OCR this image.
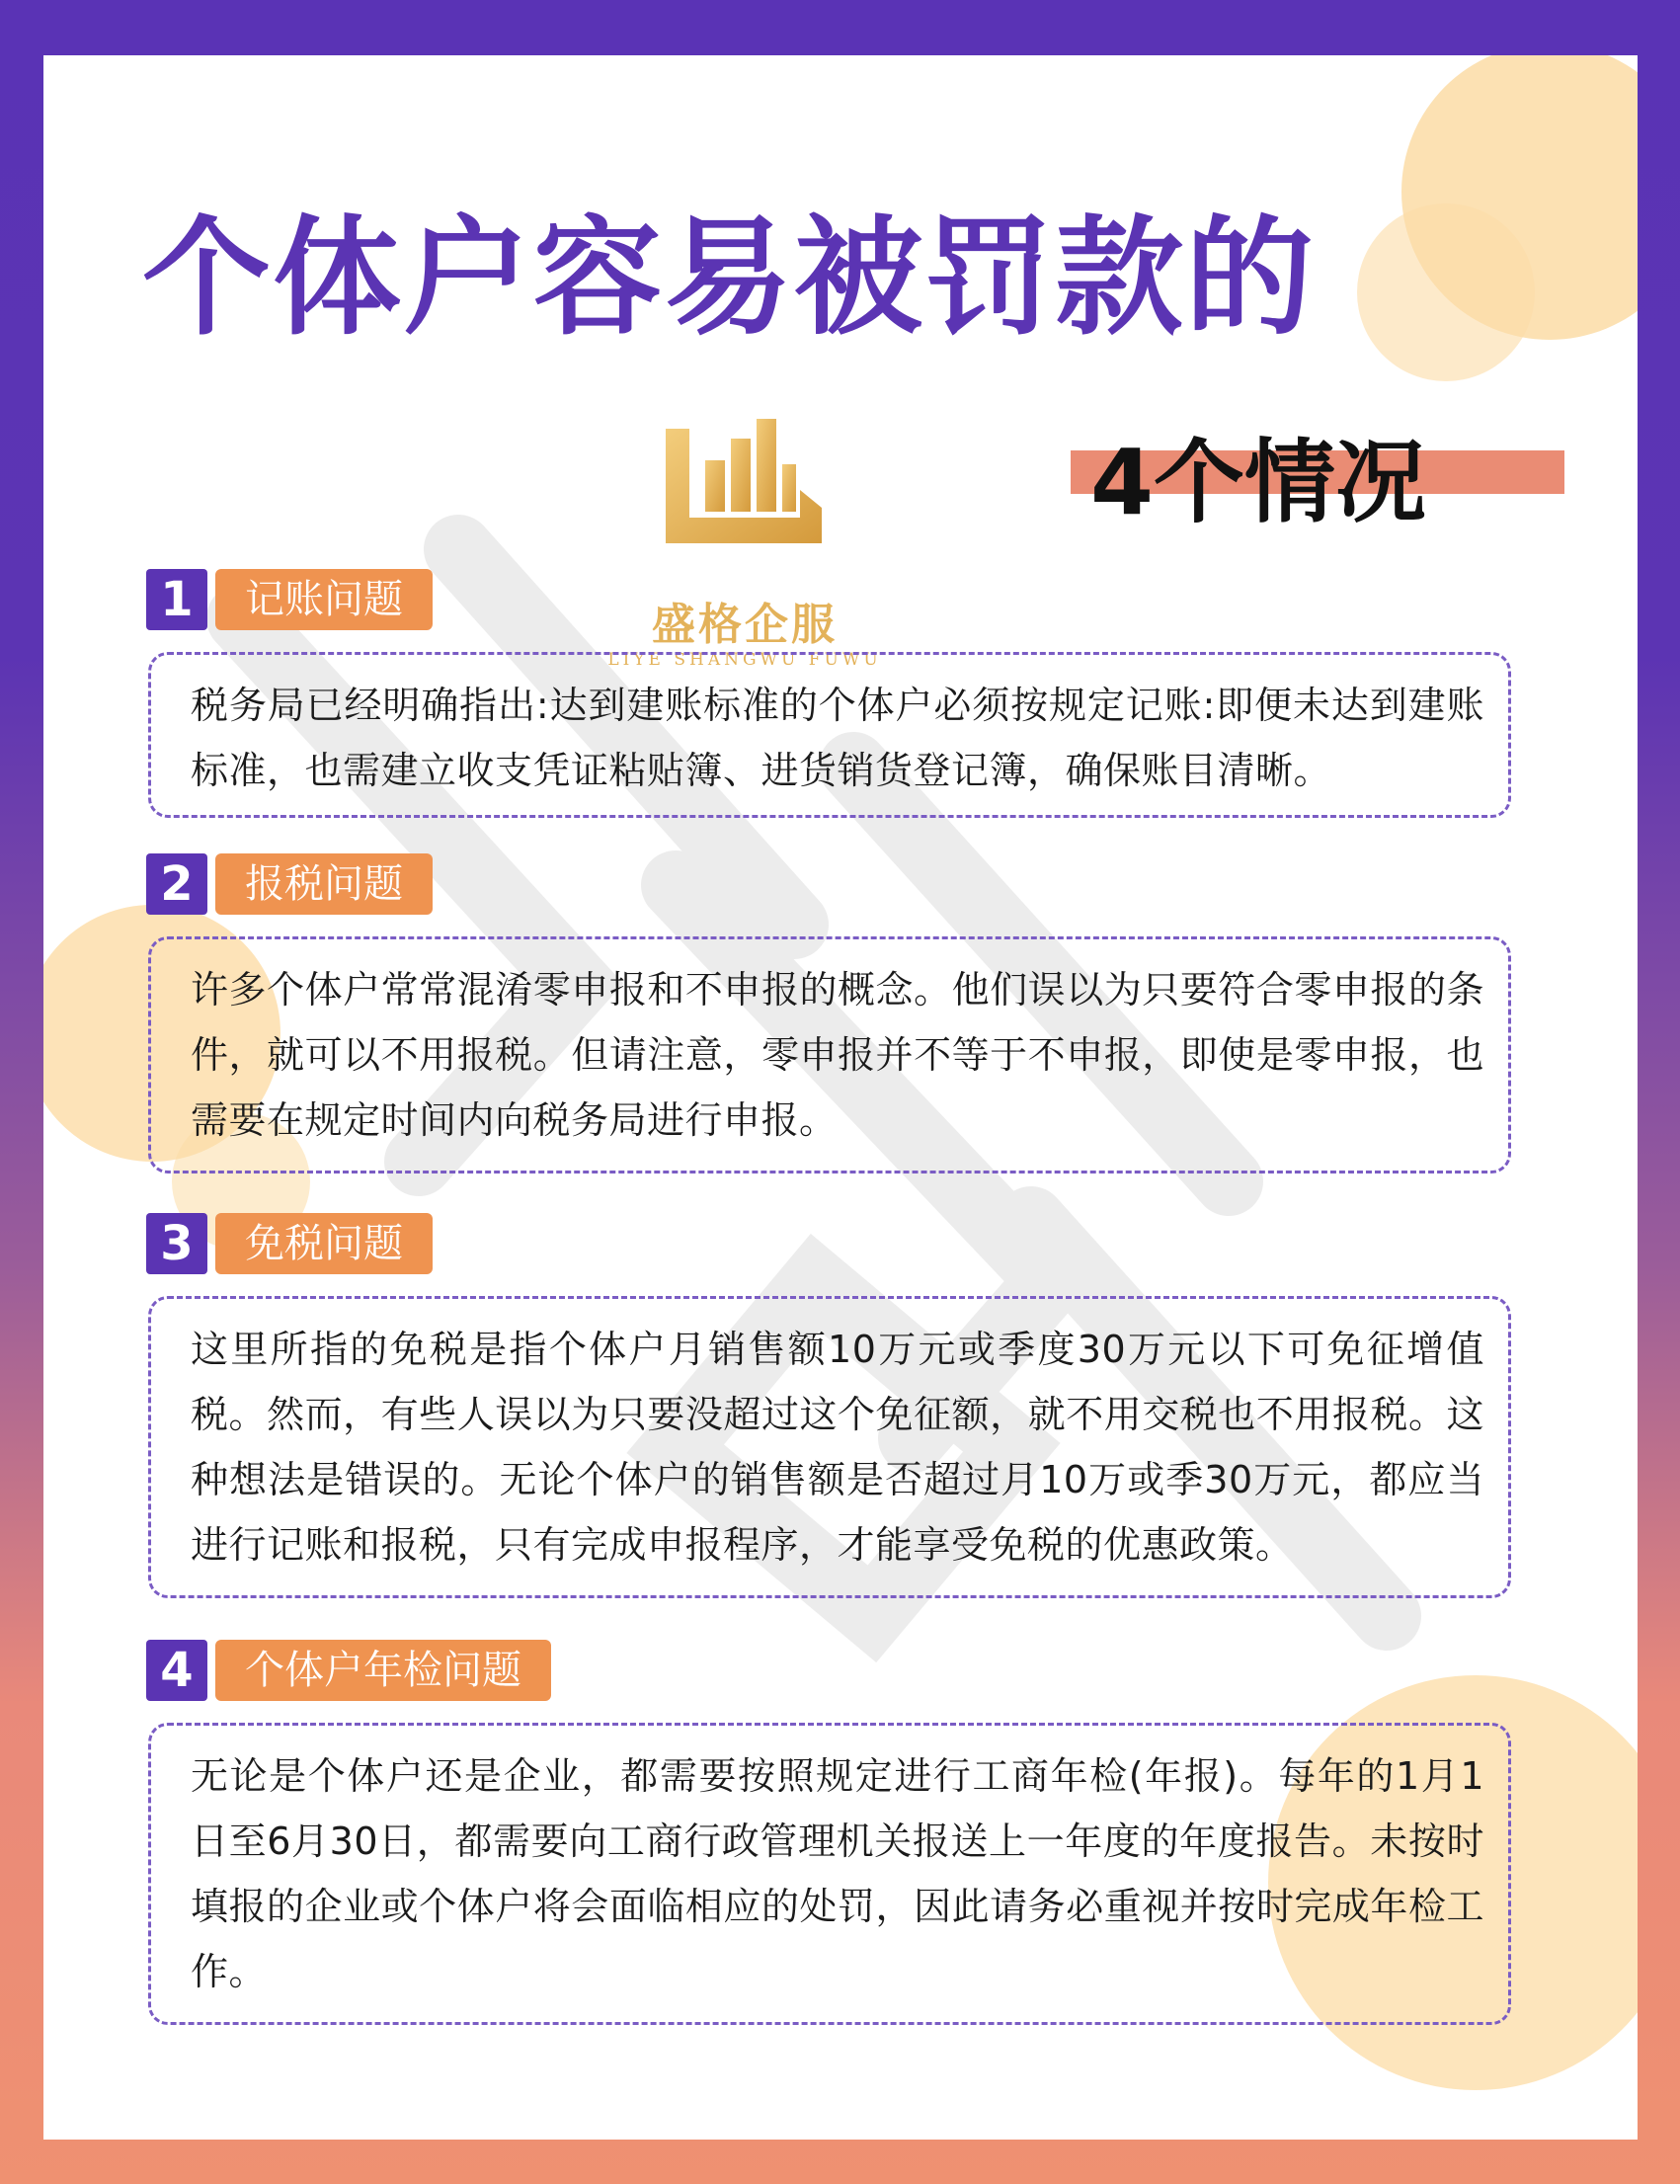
个体户容易被罚款的
4个情况
盛格企服
LIYE SHANGWU FUWU
1	记账问题

税务局已经明确指出:达到建账标准的个体户必须按规定记账:即便未达到建账标准，也需建立收支凭证粘贴簿、进货销货登记簿，确保账目清晰。

2	报税问题

许多个体户常常混淆零申报和不申报的概念。他们误以为只要符合零申报的条件，就可以不用报税。但请注意，零申报并不等于不申报，即使是零申报，也需要在规定时间内向税务局进行申报。

3	免税问题

这里所指的免税是指个体户月销售额10万元或季度30万元以下可免征增值税。然而，有些人误以为只要没超过这个免征额，就不用交税也不用报税。这种想法是错误的。无论个体户的销售额是否超过月10万或季30万元，都应当进行记账和报税，只有完成申报程序，才能享受免税的优惠政策。

4	个体户年检问题

无论是个体户还是企业，都需要按照规定进行工商年检(年报)。每年的1月1日至6月30日，都需要向工商行政管理机关报送上一年度的年度报告。未按时填报的企业或个体户将会面临相应的处罚，因此请务必重视并按时完成年检工作。
